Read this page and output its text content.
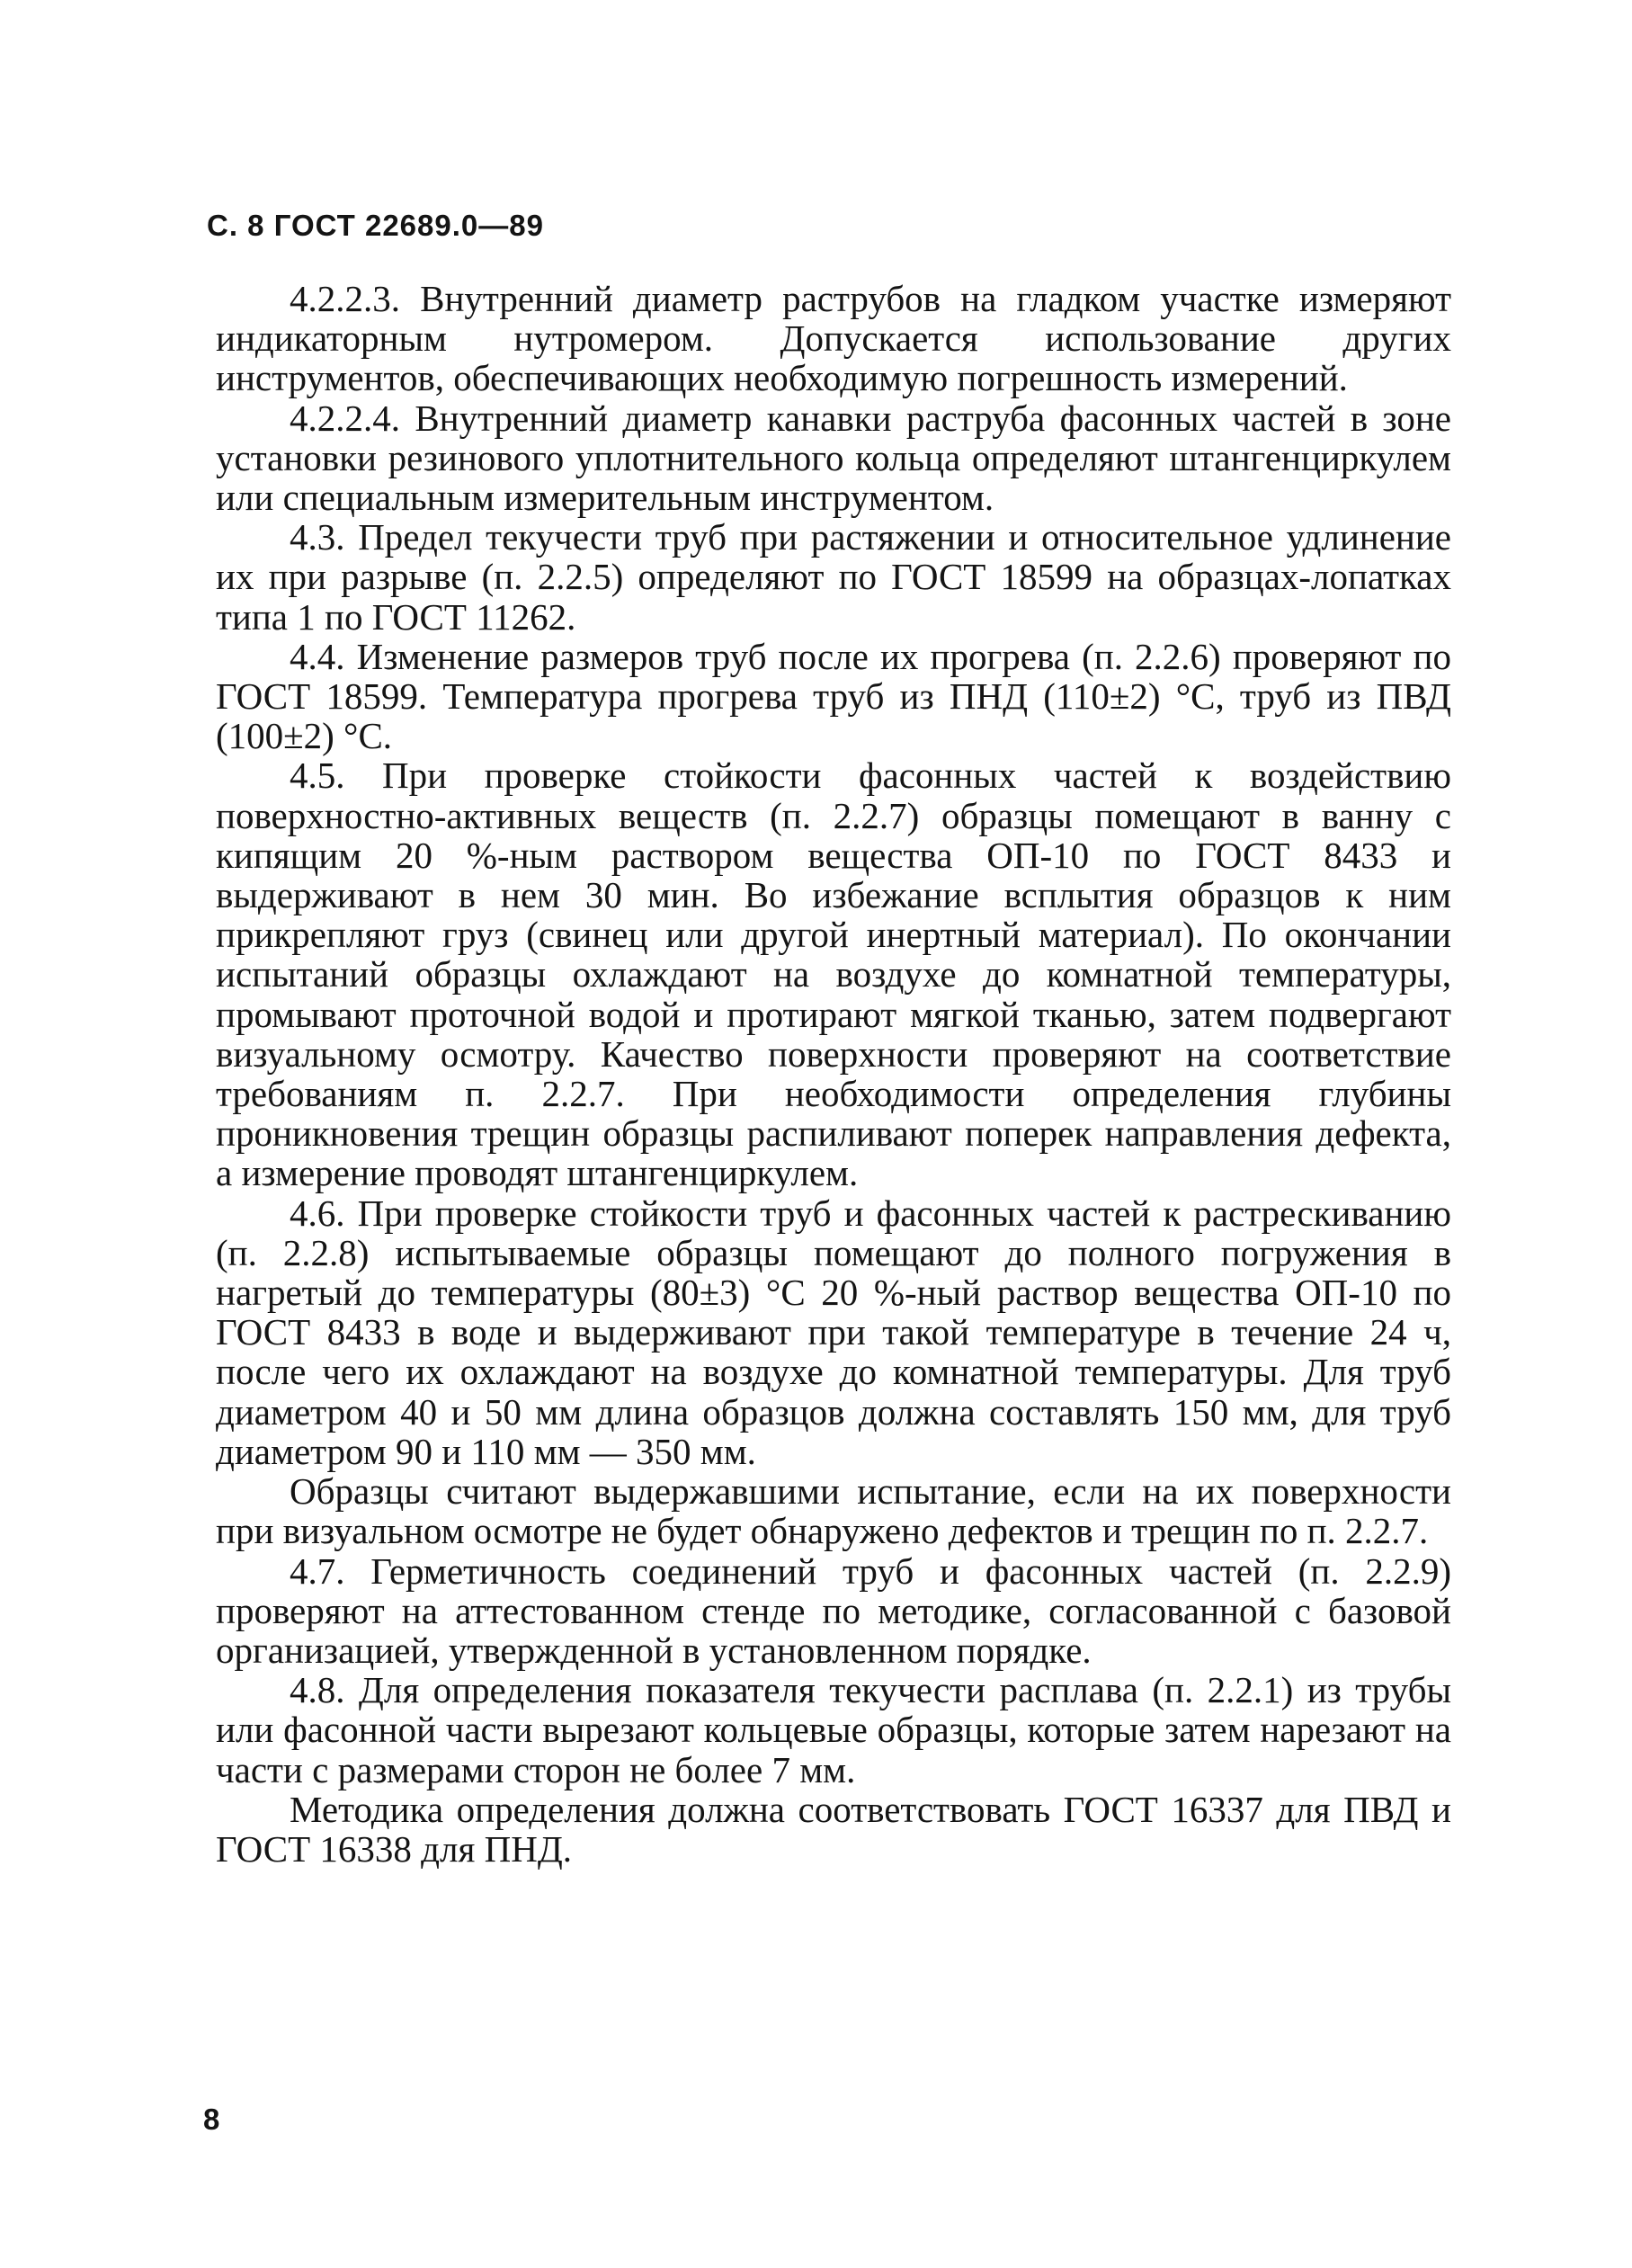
С. 8 ГОСТ 22689.0—89

4.2.2.3. Внутренний диаметр раструбов на гладком участке измеряют индикаторным нутромером. Допускается использование других инструментов, обеспечивающих необходимую погрешность измерений.

4.2.2.4. Внутренний диаметр канавки раструба фасонных частей в зоне установки резинового уплотнительного кольца определяют штангенциркулем или специальным измерительным инструментом.

4.3. Предел текучести труб при растяжении и относительное удлинение их при разрыве (п. 2.2.5) определяют по ГОСТ 18599 на образцах-лопатках типа 1 по ГОСТ 11262.

4.4. Изменение размеров труб после их прогрева (п. 2.2.6) проверяют по ГОСТ 18599. Температура прогрева труб из ПНД (110±2) °С, труб из ПВД (100±2) °С.

4.5. При проверке стойкости фасонных частей к воздействию поверхностно-активных веществ (п. 2.2.7) образцы помещают в ванну с кипящим 20 %-ным раствором вещества ОП-10 по ГОСТ 8433 и выдерживают в нем 30 мин. Во избежание всплытия образцов к ним прикрепляют груз (свинец или другой инертный материал). По окончании испытаний образцы охлаждают на воздухе до комнатной температуры, промывают проточной водой и протирают мягкой тканью, затем подвергают визуальному осмотру. Качество поверхности проверяют на соответствие требованиям п. 2.2.7. При необходимости определения глубины проникновения трещин образцы распиливают поперек направления дефекта, а измерение проводят штангенциркулем.

4.6. При проверке стойкости труб и фасонных частей к растрескиванию (п. 2.2.8) испытываемые образцы помещают до полного погружения в нагретый до температуры (80±3) °С 20 %-ный раствор вещества ОП-10 по ГОСТ 8433 в воде и выдерживают при такой температуре в течение 24 ч, после чего их охлаждают на воздухе до комнатной температуры. Для труб диаметром 40 и 50 мм длина образцов должна составлять 150 мм, для труб диаметром 90 и 110 мм — 350 мм.

Образцы считают выдержавшими испытание, если на их поверхности при визуальном осмотре не будет обнаружено дефектов и трещин по п. 2.2.7.

4.7. Герметичность соединений труб и фасонных частей (п. 2.2.9) проверяют на аттестованном стенде по методике, согласованной с базовой организацией, утвержденной в установленном порядке.

4.8. Для определения показателя текучести расплава (п. 2.2.1) из трубы или фасонной части вырезают кольцевые образцы, которые затем нарезают на части с размерами сторон не более 7 мм.

Методика определения должна соответствовать ГОСТ 16337 для ПВД и ГОСТ 16338 для ПНД.

8
